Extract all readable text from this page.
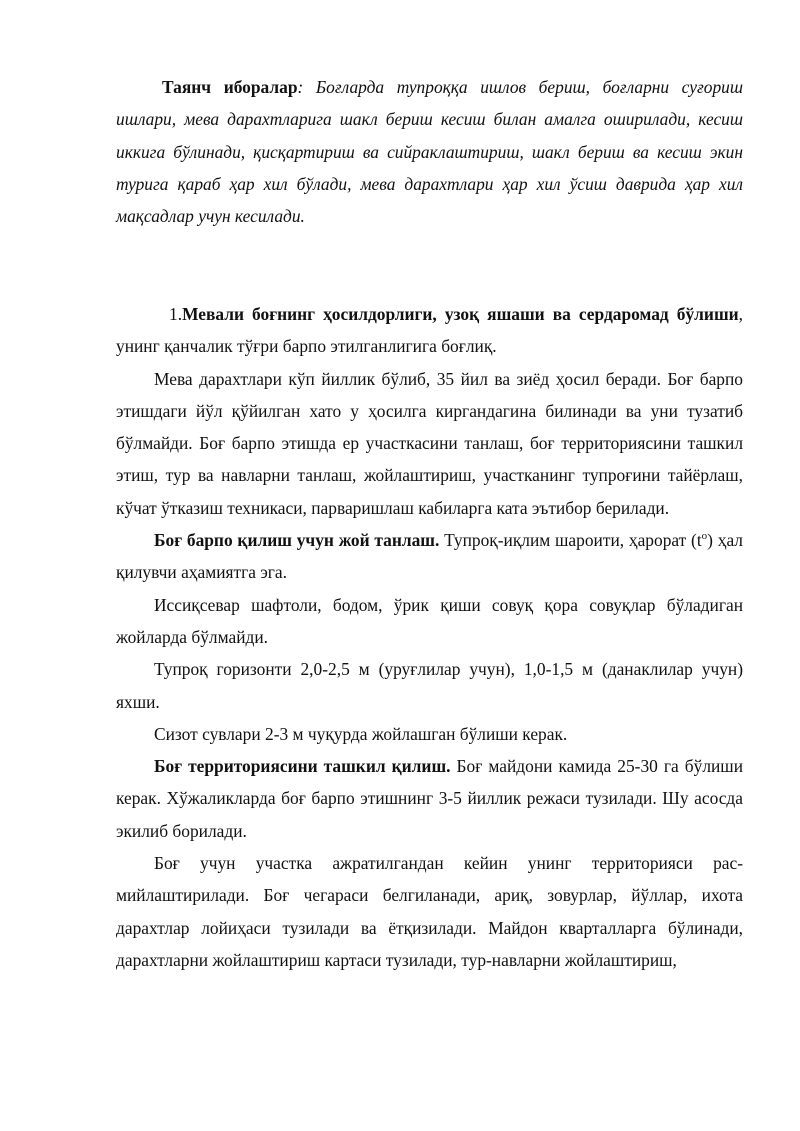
Таянч иборалар: Боғларда тупроққа ишлов бериш, боғларни суғориш ишлари, мева дарахтларига шакл бериш кесиш билан амалга оширилади, кесиш иккига бўлинади, қисқартириш ва сийраклаштириш, шакл бериш ва кесиш экин турига қараб ҳар хил бўлади, мева дарахтлари ҳар хил ўсиш даврида ҳар хил мақсадлар учун кесилади.

1.Мевали боғнинг ҳосилдорлиги, узоқ яшаши ва сердаромад бўлиши, унинг қанчалик тўғри барпо этилганлигига боғлиқ.

Мева дарахтлари кўп йиллик бўлиб, 35 йил ва зиёд ҳосил беради. Боғ барпо этишдаги йўл қўйилган хато у ҳосилга киргандагина билинади ва уни тузатиб бўлмайди. Боғ барпо этишда ер участкасини танлаш, боғ территориясини ташкил этиш, тур ва навларни танлаш, жойлаштириш, участканинг тупроғини тайёрлаш, кўчат ўтказиш техникаси, парваришлаш кабиларга ката эътибор берилади.

Боғ барпо қилиш учун жой танлаш. Тупроқ-иқлим шароити, ҳарорат $(t^o)$ ҳал қилувчи аҳамиятга эга.

Иссиқсевар шафтоли, бодом, ўрик қиши совуқ қора совуқлар бўладиган жойларда бўлмайди.

Тупроқ горизонти 2,0-2,5 м (уруғлилар учун), 1,0-1,5 м (данаклилар учун) яхши.

Сизот сувлари 2-3 м чуқурда жойлашган бўлиши керак.

Боғ территориясини ташкил қилиш. Боғ майдони камида 25-30 га бўлиши керак. Хўжаликларда боғ барпо этишнинг 3-5 йиллик режаси тузилади. Шу асосда экилиб борилади.

Боғ учун участка ажратилгандан кейин унинг территорияси рас-мийлаштирилади. Боғ чегараси белгиланади, ариқ, зовурлар, йўллар, ихота дарахтлар лойиҳаси тузилади ва ётқизилади. Майдон кварталларга бўлинади, дарахтларни жойлаштириш картаси тузилади, тур-навларни жойлаштириш,
